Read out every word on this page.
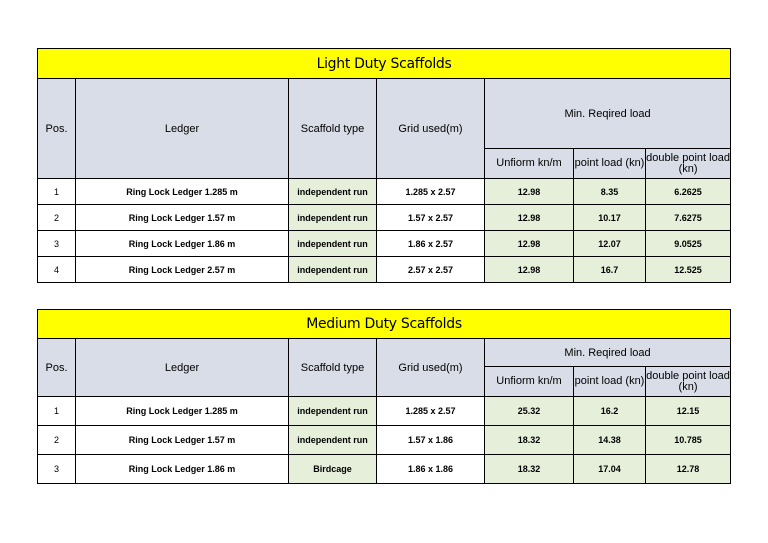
Light Duty Scaffolds						
Pos.	Ledger	Scaffold type	Grid used(m)	Min. Reqired load		
				Unfiorm kn/m	point load (kn)	double point load (kn)
1	Ring Lock Ledger 1.285 m	independent run	1.285 x 2.57	12.98	8.35	6.2625
2	Ring Lock Ledger 1.57 m	independent run	1.57 x 2.57	12.98	10.17	7.6275
3	Ring Lock Ledger 1.86 m	independent run	1.86 x 2.57	12.98	12.07	9.0525
4	Ring Lock Ledger 2.57 m	independent run	2.57 x 2.57	12.98	16.7	12.525
Medium Duty Scaffolds						
Pos.	Ledger	Scaffold type	Grid used(m)	Min. Reqired load		
				Unfiorm kn/m	point load (kn)	double point load (kn)
1	Ring Lock Ledger 1.285 m	independent run	1.285 x 2.57	25.32	16.2	12.15
2	Ring Lock Ledger 1.57 m	independent run	1.57 x 1.86	18.32	14.38	10.785
3	Ring Lock Ledger 1.86 m	Birdcage	1.86 x 1.86	18.32	17.04	12.78
